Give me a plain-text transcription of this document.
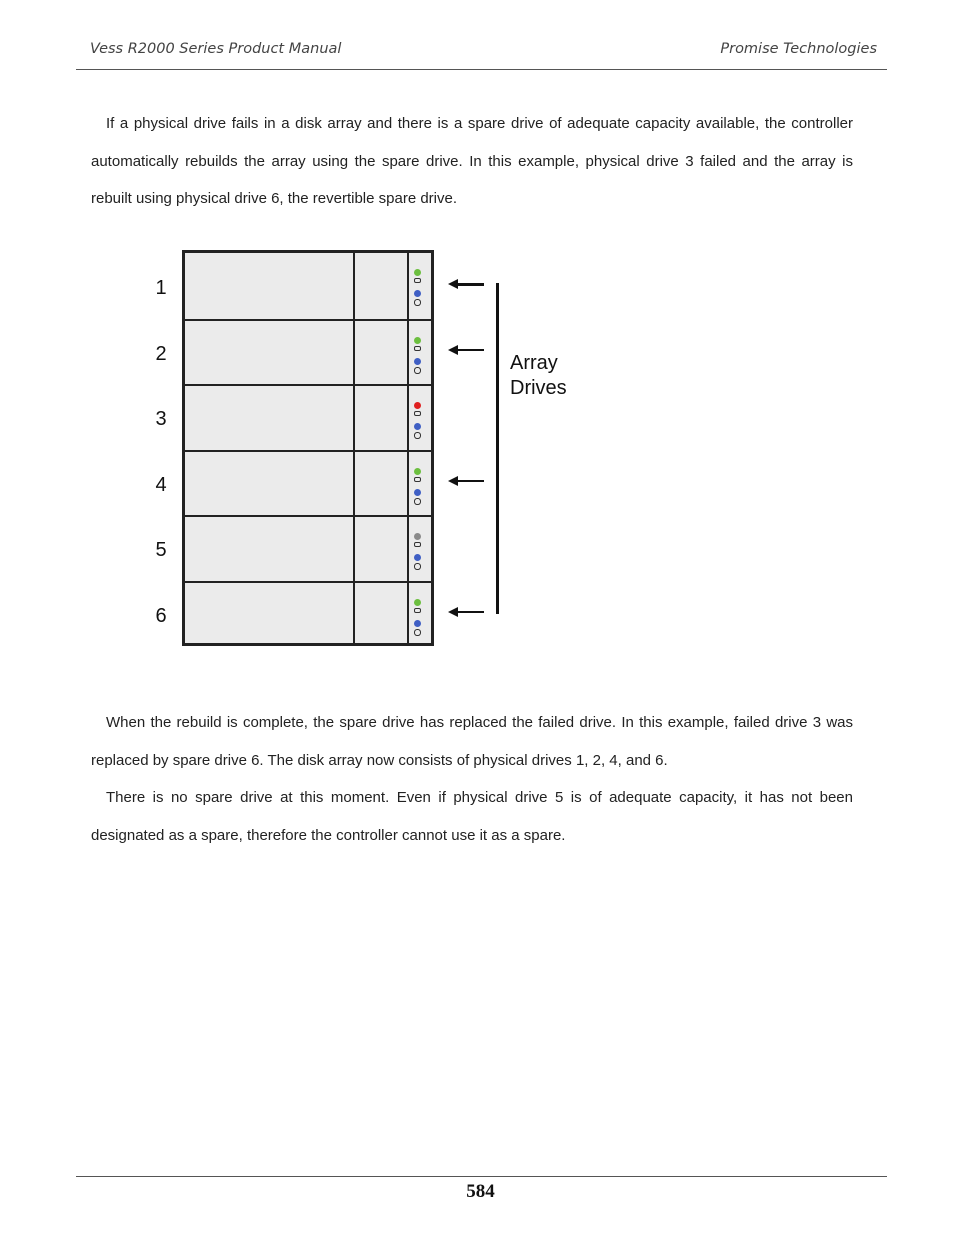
Vess R2000 Series Product Manual	Promise Technologies

If a physical drive fails in a disk array and there is a spare drive of adequate capacity available, the controller automatically rebuilds the array using the spare drive. In this example, physical drive 3 failed and the array is rebuilt using physical drive 6, the revertible spare drive.

1
2
3
4
5
6
Array
Drives

When the rebuild is complete, the spare drive has replaced the failed drive. In this example, failed drive 3 was replaced by spare drive 6. The disk array now consists of physical drives 1, 2, 4, and 6.

There is no spare drive at this moment. Even if physical drive 5 is of adequate capacity, it has not been designated as a spare, therefore the controller cannot use it as a spare.

584
